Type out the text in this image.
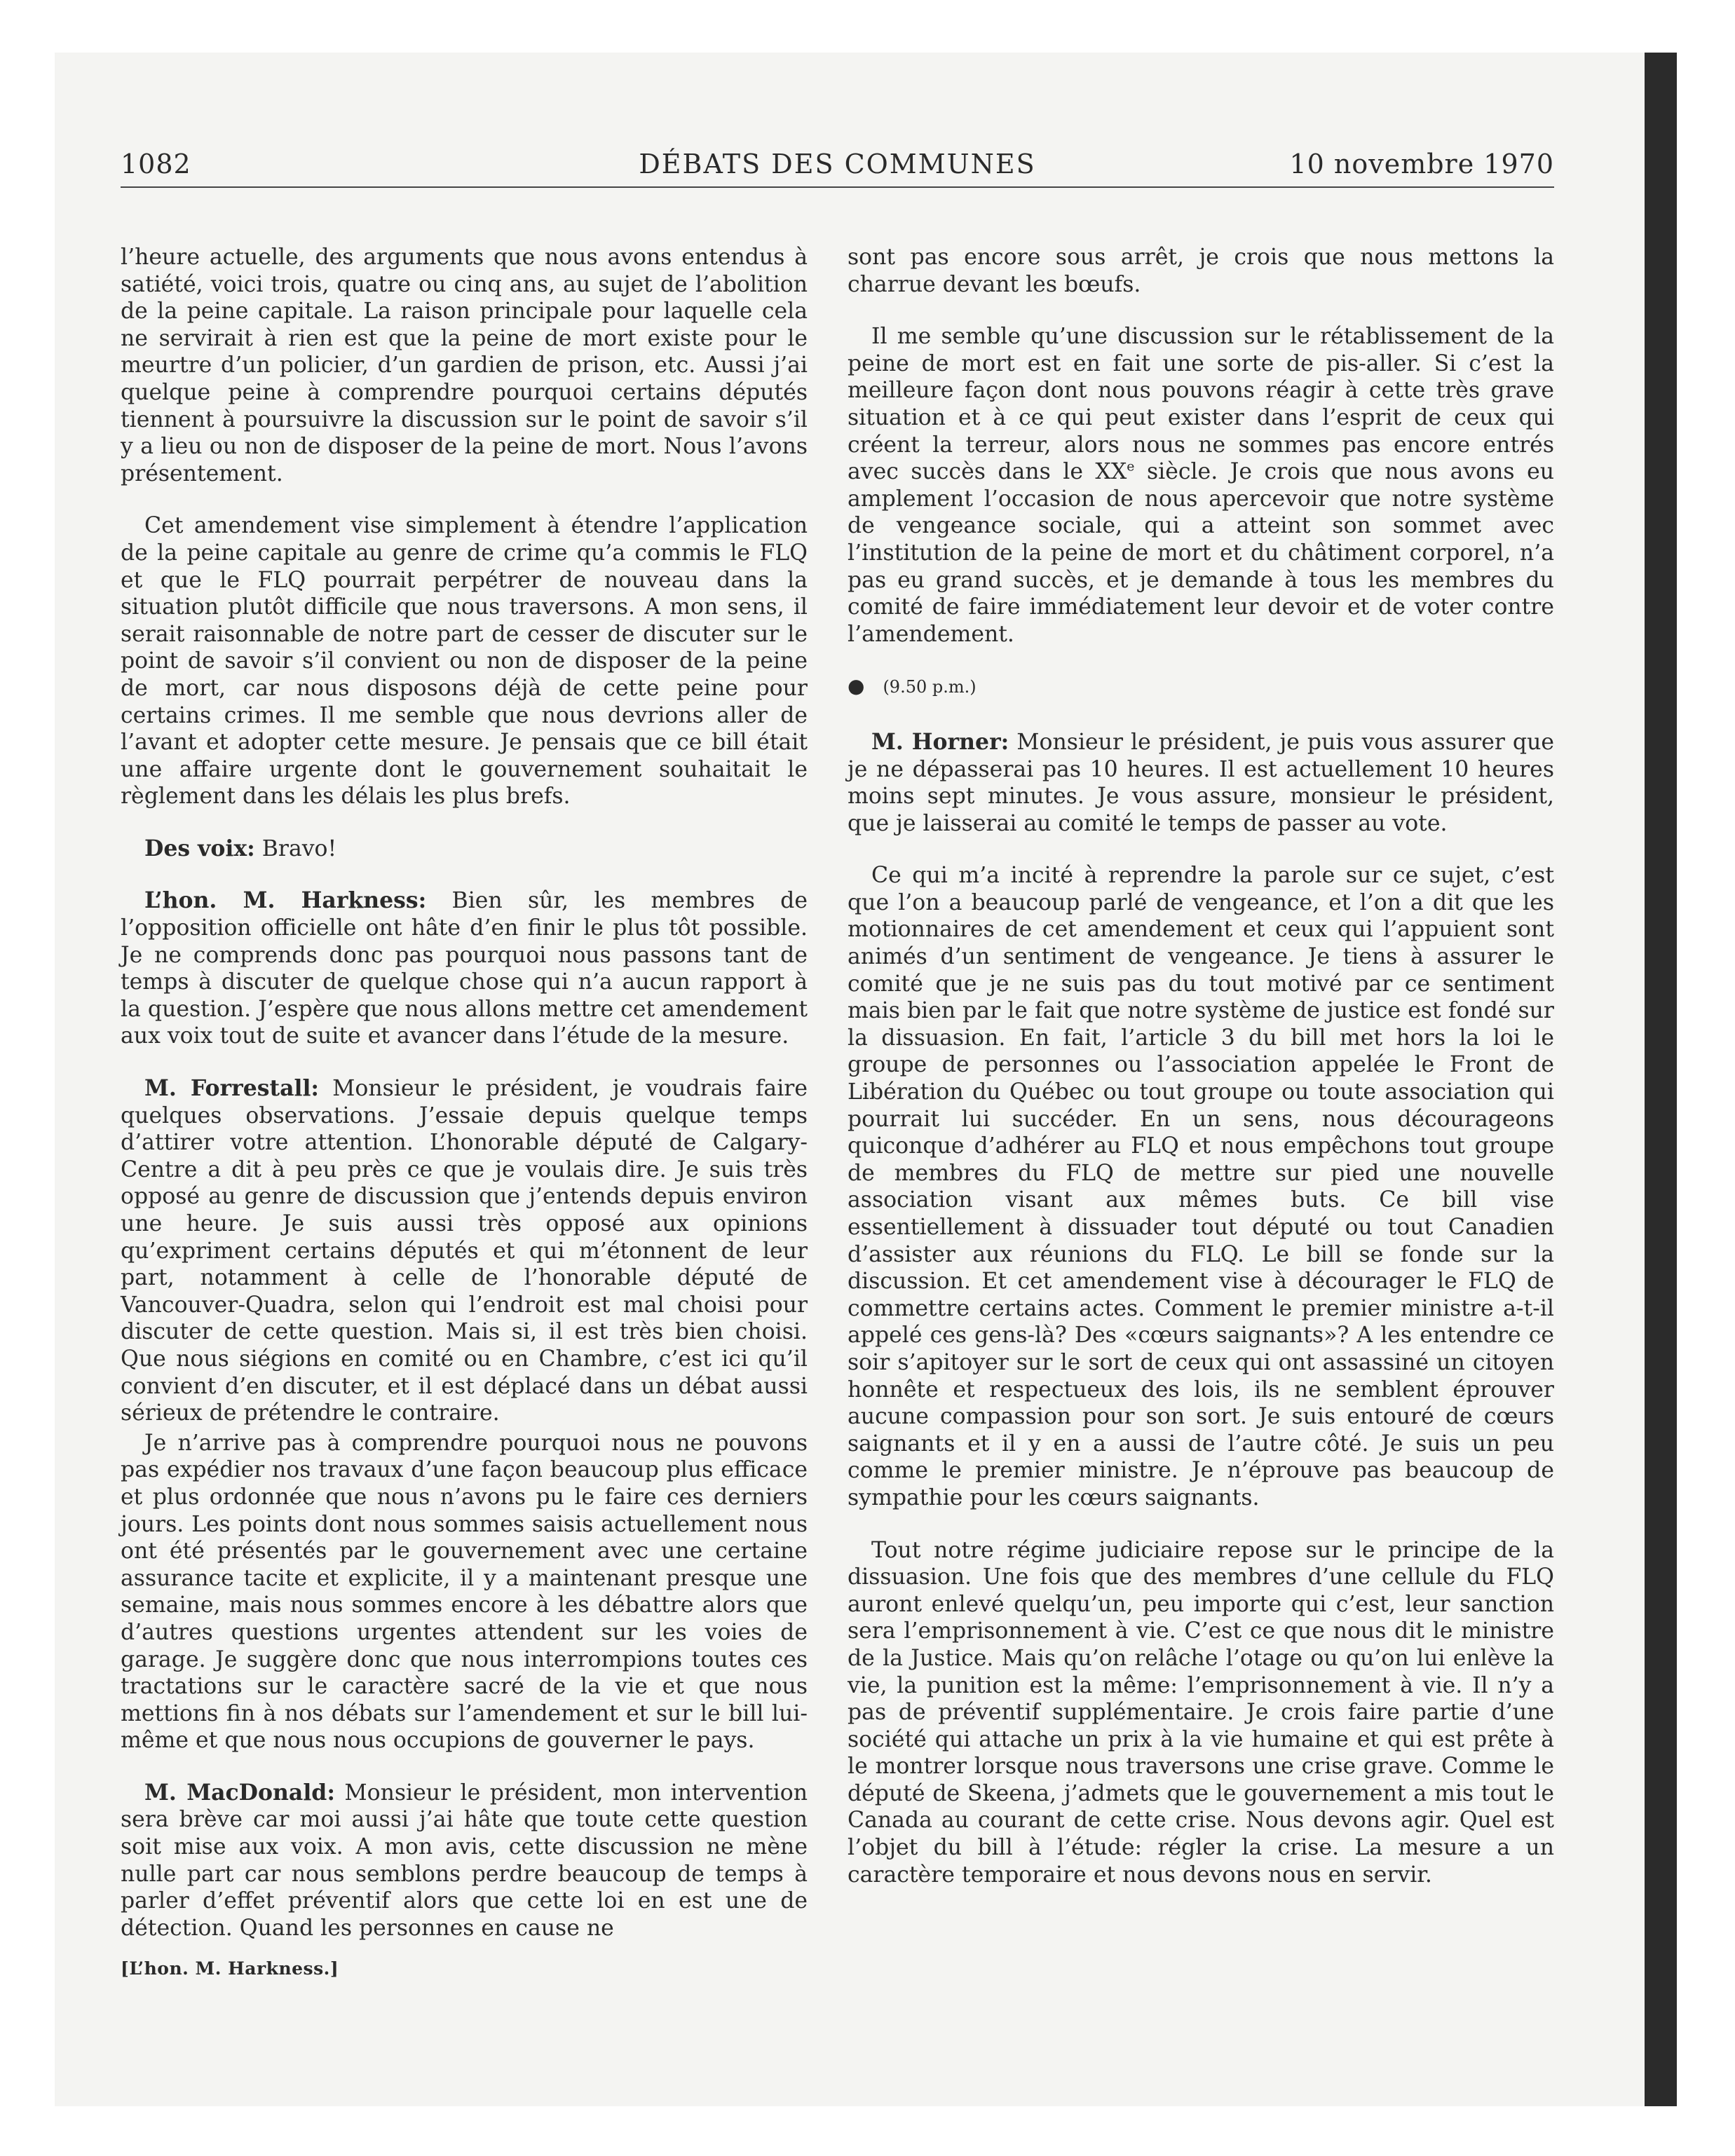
1082	DÉBATS DES COMMUNES	10 novembre 1970

l’heure actuelle, des arguments que nous avons entendus à satiété, voici trois, quatre ou cinq ans, au sujet de l’abolition de la peine capitale. La raison principale pour laquelle cela ne servirait à rien est que la peine de mort existe pour le meurtre d’un policier, d’un gardien de prison, etc. Aussi j’ai quelque peine à comprendre pourquoi certains députés tiennent à poursuivre la discussion sur le point de savoir s’il y a lieu ou non de disposer de la peine de mort. Nous l’avons présentement.

Cet amendement vise simplement à étendre l’application de la peine capitale au genre de crime qu’a commis le FLQ et que le FLQ pourrait perpétrer de nouveau dans la situation plutôt difficile que nous traversons. A mon sens, il serait raisonnable de notre part de cesser de discuter sur le point de savoir s’il convient ou non de disposer de la peine de mort, car nous disposons déjà de cette peine pour certains crimes. Il me semble que nous devrions aller de l’avant et adopter cette mesure. Je pensais que ce bill était une affaire urgente dont le gouvernement souhaitait le règlement dans les délais les plus brefs.

Des voix: Bravo!

L’hon. M. Harkness: Bien sûr, les membres de l’opposition officielle ont hâte d’en finir le plus tôt possible. Je ne comprends donc pas pourquoi nous passons tant de temps à discuter de quelque chose qui n’a aucun rapport à la question. J’espère que nous allons mettre cet amendement aux voix tout de suite et avancer dans l’étude de la mesure.

M. Forrestall: Monsieur le président, je voudrais faire quelques observations. J’essaie depuis quelque temps d’attirer votre attention. L’honorable député de Calgary-Centre a dit à peu près ce que je voulais dire. Je suis très opposé au genre de discussion que j’entends depuis environ une heure. Je suis aussi très opposé aux opinions qu’expriment certains députés et qui m’étonnent de leur part, notamment à celle de l’honorable député de Vancouver-Quadra, selon qui l’endroit est mal choisi pour discuter de cette question. Mais si, il est très bien choisi. Que nous siégions en comité ou en Chambre, c’est ici qu’il convient d’en discuter, et il est déplacé dans un débat aussi sérieux de prétendre le contraire.

Je n’arrive pas à comprendre pourquoi nous ne pouvons pas expédier nos travaux d’une façon beaucoup plus efficace et plus ordonnée que nous n’avons pu le faire ces derniers jours. Les points dont nous sommes saisis actuellement nous ont été présentés par le gouvernement avec une certaine assurance tacite et explicite, il y a maintenant presque une semaine, mais nous sommes encore à les débattre alors que d’autres questions urgentes attendent sur les voies de garage. Je suggère donc que nous interrompions toutes ces tractations sur le caractère sacré de la vie et que nous mettions fin à nos débats sur l’amendement et sur le bill lui-même et que nous nous occupions de gouverner le pays.

M. MacDonald: Monsieur le président, mon intervention sera brève car moi aussi j’ai hâte que toute cette question soit mise aux voix. A mon avis, cette discussion ne mène nulle part car nous semblons perdre beaucoup de temps à parler d’effet préventif alors que cette loi en est une de détection. Quand les personnes en cause ne

[L’hon. M. Harkness.]

sont pas encore sous arrêt, je crois que nous mettons la charrue devant les bœufs.

Il me semble qu’une discussion sur le rétablissement de la peine de mort est en fait une sorte de pis-aller. Si c’est la meilleure façon dont nous pouvons réagir à cette très grave situation et à ce qui peut exister dans l’esprit de ceux qui créent la terreur, alors nous ne sommes pas encore entrés avec succès dans le XXe siècle. Je crois que nous avons eu amplement l’occasion de nous apercevoir que notre système de vengeance sociale, qui a atteint son sommet avec l’institution de la peine de mort et du châtiment corporel, n’a pas eu grand succès, et je demande à tous les membres du comité de faire immédiatement leur devoir et de voter contre l’amendement.

● (9.50 p.m.)

M. Horner: Monsieur le président, je puis vous assurer que je ne dépasserai pas 10 heures. Il est actuellement 10 heures moins sept minutes. Je vous assure, monsieur le président, que je laisserai au comité le temps de passer au vote.

Ce qui m’a incité à reprendre la parole sur ce sujet, c’est que l’on a beaucoup parlé de vengeance, et l’on a dit que les motionnaires de cet amendement et ceux qui l’appuient sont animés d’un sentiment de vengeance. Je tiens à assurer le comité que je ne suis pas du tout motivé par ce sentiment mais bien par le fait que notre système de justice est fondé sur la dissuasion. En fait, l’article 3 du bill met hors la loi le groupe de personnes ou l’association appelée le Front de Libération du Québec ou tout groupe ou toute association qui pourrait lui succéder. En un sens, nous décourageons quiconque d’adhérer au FLQ et nous empêchons tout groupe de membres du FLQ de mettre sur pied une nouvelle association visant aux mêmes buts. Ce bill vise essentiellement à dissuader tout député ou tout Canadien d’assister aux réunions du FLQ. Le bill se fonde sur la discussion. Et cet amendement vise à décourager le FLQ de commettre certains actes. Comment le premier ministre a-t-il appelé ces gens-là? Des «cœurs saignants»? A les entendre ce soir s’apitoyer sur le sort de ceux qui ont assassiné un citoyen honnête et respectueux des lois, ils ne semblent éprouver aucune compassion pour son sort. Je suis entouré de cœurs saignants et il y en a aussi de l’autre côté. Je suis un peu comme le premier ministre. Je n’éprouve pas beaucoup de sympathie pour les cœurs saignants.

Tout notre régime judiciaire repose sur le principe de la dissuasion. Une fois que des membres d’une cellule du FLQ auront enlevé quelqu’un, peu importe qui c’est, leur sanction sera l’emprisonnement à vie. C’est ce que nous dit le ministre de la Justice. Mais qu’on relâche l’otage ou qu’on lui enlève la vie, la punition est la même: l’emprisonnement à vie. Il n’y a pas de préventif supplémentaire. Je crois faire partie d’une société qui attache un prix à la vie humaine et qui est prête à le montrer lorsque nous traversons une crise grave. Comme le député de Skeena, j’admets que le gouvernement a mis tout le Canada au courant de cette crise. Nous devons agir. Quel est l’objet du bill à l’étude: régler la crise. La mesure a un caractère temporaire et nous devons nous en servir.
